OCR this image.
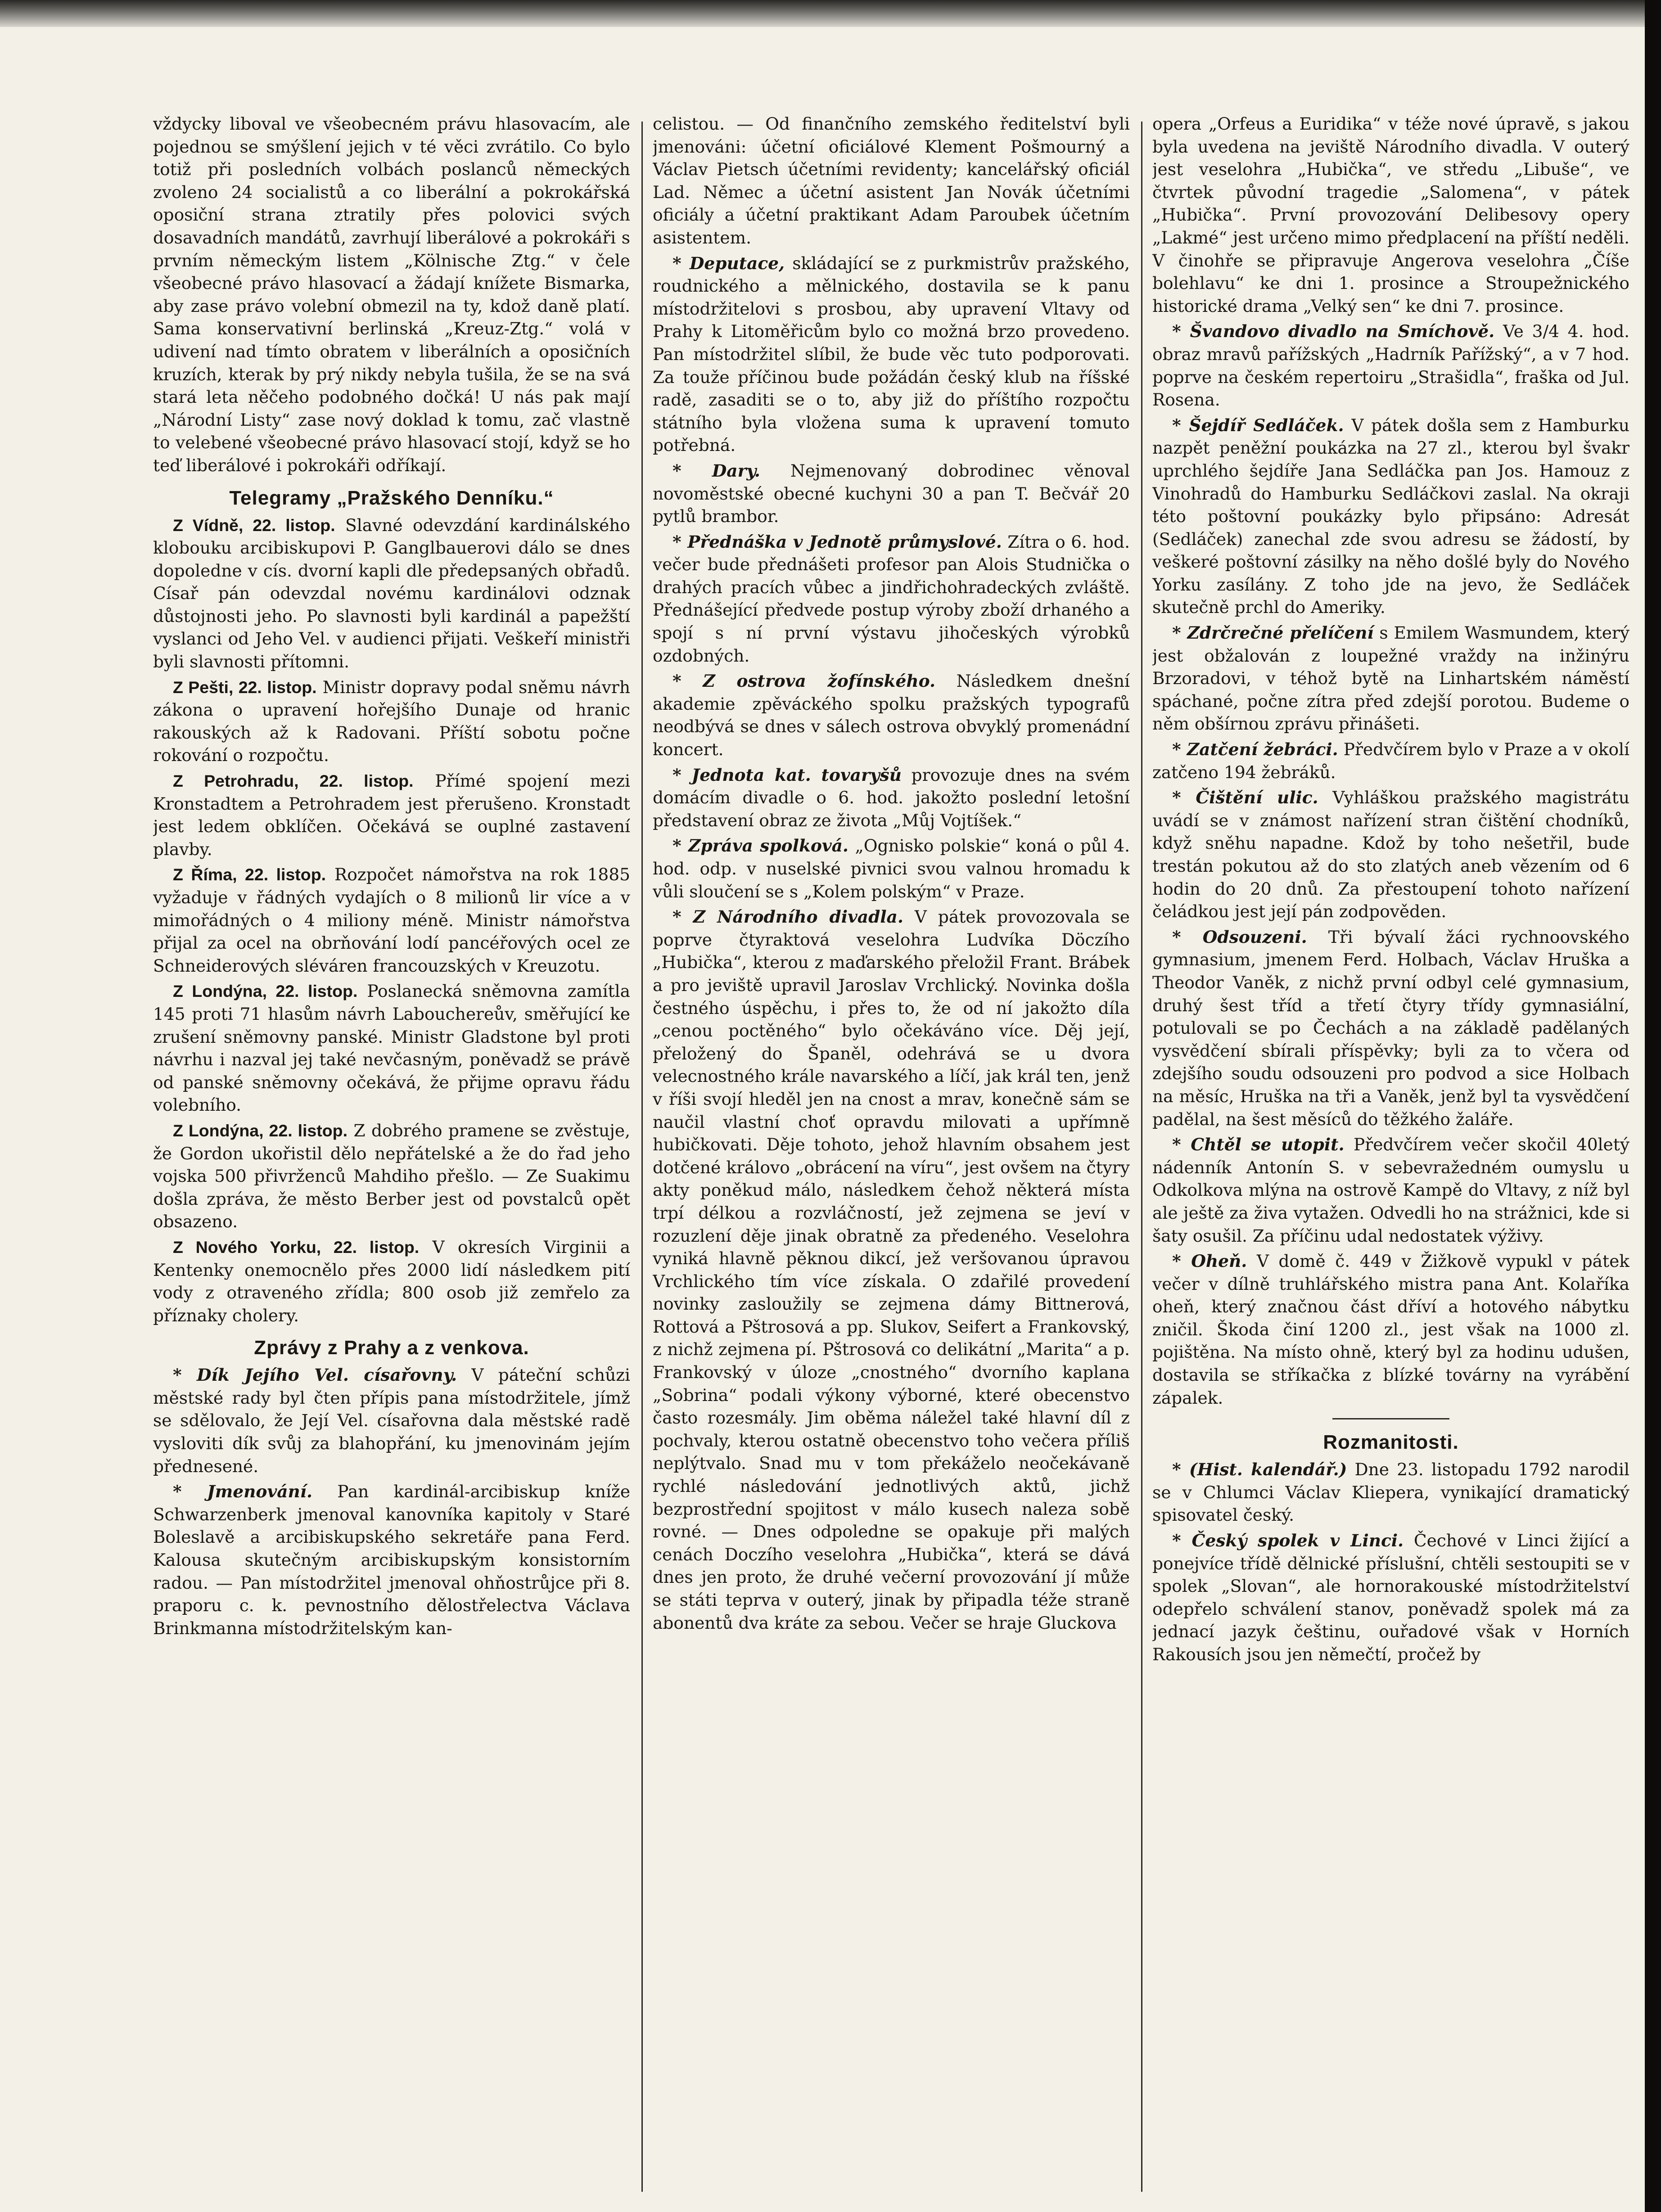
vždycky liboval ve všeobecném právu hlasovacím, ale pojednou se smýšlení jejich v té věci zvrátilo. Co bylo totiž při posledních volbách poslanců německých zvoleno 24 socialistů a co liberální a pokrokářská oposiční strana ztratily přes polovici svých dosavadních mandátů, zavrhují liberálové a pokrokáři s prvním německým listem „Kölnische Ztg.“ v čele všeobecné právo hlasovací a žádají knížete Bismarka, aby zase právo volební obmezil na ty, kdož daně platí. Sama konservativní berlinská „Kreuz-Ztg.“ volá v udivení nad tímto obratem v liberálních a oposičních kruzích, kterak by prý nikdy nebyla tušila, že se na svá stará leta něčeho podobného dočká! U nás pak mají „Národní Listy“ zase nový doklad k tomu, zač vlastně to velebené všeobecné právo hlasovací stojí, když se ho teď liberálové i pokrokáři odříkají.

Telegramy „Pražského Denníku.“

Z Vídně, 22. listop. Slavné odevzdání kardinálského klobouku arcibiskupovi P. Ganglbauerovi dálo se dnes dopoledne v cís. dvorní kapli dle předepsaných obřadů. Císař pán odevzdal novému kardinálovi odznak důstojnosti jeho. Po slavnosti byli kardinál a papežští vyslanci od Jeho Vel. v audienci přijati. Veškeří ministři byli slavnosti přítomni.

Z Pešti, 22. listop. Ministr dopravy podal sněmu návrh zákona o upravení hořejšího Dunaje od hranic rakouských až k Radovani. Příští sobotu počne rokování o rozpočtu.

Z Petrohradu, 22. listop. Přímé spojení mezi Kronstadtem a Petrohradem jest přerušeno. Kronstadt jest ledem obklíčen. Očekává se ouplné zastavení plavby.

Z Říma, 22. listop. Rozpočet námořstva na rok 1885 vyžaduje v řádných vydajích o 8 milionů lir více a v mimořádných o 4 miliony méně. Ministr námořstva přijal za ocel na obrňování lodí pancéřových ocel ze Schneiderových sléváren francouzských v Kreuzotu.

Z Londýna, 22. listop. Poslanecká sněmovna zamítla 145 proti 71 hlasům návrh Labouchereův, směřující ke zrušení sněmovny panské. Ministr Gladstone byl proti návrhu i nazval jej také nevčasným, poněvadž se právě od panské sněmovny očekává, že přijme opravu řádu volebního.

Z Londýna, 22. listop. Z dobrého pramene se zvěstuje, že Gordon ukořistil dělo nepřátelské a že do řad jeho vojska 500 přivrženců Mahdiho přešlo. — Ze Suakimu došla zpráva, že město Berber jest od povstalců opět obsazeno.

Z Nového Yorku, 22. listop. V okresích Virginii a Kentenky onemocnělo přes 2000 lidí následkem pití vody z otraveného zřídla; 800 osob již zemřelo za příznaky cholery.

Zprávy z Prahy a z venkova.

* Dík Jejího Vel. císařovny. V páteční schůzi městské rady byl čten přípis pana místodržitele, jímž se sdělovalo, že Její Vel. císařovna dala městské radě vysloviti dík svůj za blahopřání, ku jmenovinám jejím přednesené.

* Jmenování. Pan kardinál-arcibiskup kníže Schwarzenberk jmenoval kanovníka kapitoly v Staré Boleslavě a arcibiskupského sekretáře pana Ferd. Kalousa skutečným arcibiskupským konsistorním radou. — Pan místodržitel jmenoval ohňostrůjce při 8. praporu c. k. pevnostního dělostřelectva Václava Brinkmanna místodržitelským kan-

celistou. — Od finančního zemského ředitelství byli jmenováni: účetní oficiálové Klement Pošmourný a Václav Pietsch účetními revidenty; kancelářský oficiál Lad. Němec a účetní asistent Jan Novák účetními oficiály a účetní praktikant Adam Paroubek účetním asistentem.

* Deputace, skládající se z purkmistrův pražského, roudnického a mělnického, dostavila se k panu místodržitelovi s prosbou, aby upravení Vltavy od Prahy k Litoměřicům bylo co možná brzo provedeno. Pan místodržitel slíbil, že bude věc tuto podporovati. Za touže příčinou bude požádán český klub na říšské radě, zasaditi se o to, aby již do příštího rozpočtu státního byla vložena suma k upravení tomuto potřebná.

* Dary. Nejmenovaný dobrodinec věnoval novoměstské obecné kuchyni 30 a pan T. Bečvář 20 pytlů brambor.

* Přednáška v Jednotě průmyslové. Zítra o 6. hod. večer bude přednášeti profesor pan Alois Studnička o drahých pracích vůbec a jindřichohradeckých zvláště. Přednášející předvede postup výroby zboží drhaného a spojí s ní první výstavu jihočeských výrobků ozdobných.

* Z ostrova žofínského. Následkem dnešní akademie zpěváckého spolku pražských typografů neodbývá se dnes v sálech ostrova obvyklý promenádní koncert.

* Jednota kat. tovaryšů provozuje dnes na svém domácím divadle o 6. hod. jakožto poslední letošní představení obraz ze života „Můj Vojtíšek.“

* Zpráva spolková. „Ognisko polskie“ koná o půl 4. hod. odp. v nuselské pivnici svou valnou hromadu k vůli sloučení se s „Kolem polským“ v Praze.

* Z Národního divadla. V pátek provozovala se poprve čtyraktová veselohra Ludvíka Döczího „Hubička“, kterou z maďarského přeložil Frant. Brábek a pro jeviště upravil Jaroslav Vrchlický. Novinka došla čestného úspěchu, i přes to, že od ní jakožto díla „cenou poctěného“ bylo očekáváno více. Děj její, přeložený do Španěl, odehrává se u dvora velecnostného krále navarského a líčí, jak král ten, jenž v říši svojí hleděl jen na cnost a mrav, konečně sám se naučil vlastní choť opravdu milovati a upřímně hubičkovati. Děje tohoto, jehož hlavním obsahem jest dotčené královo „obrácení na víru“, jest ovšem na čtyry akty poněkud málo, následkem čehož některá místa trpí délkou a rozvláčností, jež zejmena se jeví v rozuzlení děje jinak obratně za předeného. Veselohra vyniká hlavně pěknou dikcí, jež veršovanou úpravou Vrchlického tím více získala. O zdařilé provedení novinky zasloužily se zejmena dámy Bittnerová, Rottová a Pštrosová a pp. Slukov, Seifert a Frankovský, z nichž zejmena pí. Pštrosová co delikátní „Marita“ a p. Frankovský v úloze „cnostného“ dvorního kaplana „Sobrina“ podali výkony výborné, které obecenstvo často rozesmály. Jim oběma náležel také hlavní díl z pochvaly, kterou ostatně obecenstvo toho večera příliš neplýtvalo. Snad mu v tom překáželo neočekávaně rychlé následování jednotlivých aktů, jichž bezprostřední spojitost v málo kusech naleza sobě rovné. — Dnes odpoledne se opakuje při malých cenách Doczího veselohra „Hubička“, která se dává dnes jen proto, že druhé večerní provozování jí může se státi teprva v outerý, jinak by připadla téže straně abonentů dva kráte za sebou. Večer se hraje Gluckova

opera „Orfeus a Euridika“ v téže nové úpravě, s jakou byla uvedena na jeviště Národního divadla. V outerý jest veselohra „Hubička“, ve středu „Libuše“, ve čtvrtek původní tragedie „Salomena“, v pátek „Hubička“. První provozování Delibesovy opery „Lakmé“ jest určeno mimo předplacení na příští neděli. V činohře se připravuje Angerova veselohra „Číše bolehlavu“ ke dni 1. prosince a Stroupežnického historické drama „Velký sen“ ke dni 7. prosince.

* Švandovo divadlo na Smíchově. Ve 3/4 4. hod. obraz mravů pařížských „Hadrník Pařížský“, a v 7 hod. poprve na českém repertoiru „Strašidla“, fraška od Jul. Rosena.

* Šejdíř Sedláček. V pátek došla sem z Hamburku nazpět peněžní poukázka na 27 zl., kterou byl švakr uprchlého šejdíře Jana Sedláčka pan Jos. Hamouz z Vinohradů do Hamburku Sedláčkovi zaslal. Na okraji této poštovní poukázky bylo připsáno: Adresát (Sedláček) zanechal zde svou adresu se žádostí, by veškeré poštovní zásilky na něho došlé byly do Nového Yorku zasílány. Z toho jde na jevo, že Sedláček skutečně prchl do Ameriky.

* Zdrčrečné přelíčení s Emilem Wasmundem, který jest obžalován z loupežné vraždy na inžinýru Brzoradovi, v téhož bytě na Linhartském náměstí spáchané, počne zítra před zdejší porotou. Budeme o něm obšírnou zprávu přinášeti.

* Zatčení žebráci. Předvčírem bylo v Praze a v okolí zatčeno 194 žebráků.

* Čištění ulic. Vyhláškou pražského magistrátu uvádí se v známost nařízení stran čištění chodníků, když sněhu napadne. Kdož by toho nešetřil, bude trestán pokutou až do sto zlatých aneb vězením od 6 hodin do 20 dnů. Za přestoupení tohoto nařízení čeládkou jest její pán zodpověden.

* Odsouzeni. Tři bývalí žáci rychnoovského gymnasium, jmenem Ferd. Holbach, Václav Hruška a Theodor Vaněk, z nichž první odbyl celé gymnasium, druhý šest tříd a třetí čtyry třídy gymnasiální, potulovali se po Čechách a na základě padělaných vysvědčení sbírali příspěvky; byli za to včera od zdejšího soudu odsouzeni pro podvod a sice Holbach na měsíc, Hruška na tři a Vaněk, jenž byl ta vysvědčení padělal, na šest měsíců do těžkého žaláře.

* Chtěl se utopit. Předvčírem večer skočil 40letý nádenník Antonín S. v sebevražedném oumyslu u Odkolkova mlýna na ostrově Kampě do Vltavy, z níž byl ale ještě za živa vytažen. Odvedli ho na strážnici, kde si šaty osušil. Za příčinu udal nedostatek výživy.

* Oheň. V domě č. 449 v Žižkově vypukl v pátek večer v dílně truhlářského mistra pana Ant. Kolaříka oheň, který značnou část dříví a hotového nábytku zničil. Škoda činí 1200 zl., jest však na 1000 zl. pojištěna. Na místo ohně, který byl za hodinu udušen, dostavila se stříkačka z blízké továrny na vyrábění zápalek.

Rozmanitosti.

* (Hist. kalendář.) Dne 23. listopadu 1792 narodil se v Chlumci Václav Kliepera, vynikající dramatický spisovatel český.

* Český spolek v Linci. Čechové v Linci žijící a ponejvíce třídě dělnické příslušní, chtěli sestoupiti se v spolek „Slovan“, ale hornorakouské místodržitelství odepřelo schválení stanov, poněvadž spolek má za jednací jazyk češtinu, ouřadové však v Horních Rakousích jsou jen němečtí, pročež by
